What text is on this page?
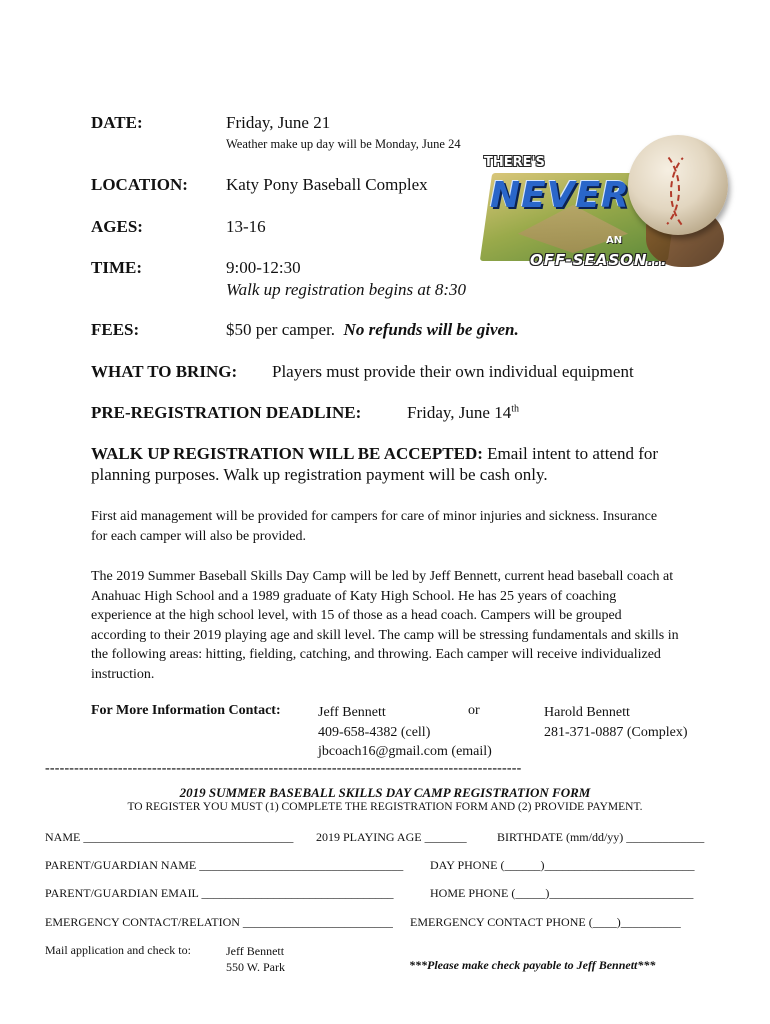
DATE:	Friday, June 21
Weather make up day will be Monday, June 24
LOCATION: Katy Pony Baseball Complex
AGES:	13-16
TIME:	9:00-12:30
Walk up registration begins at 8:30
FEES:	$50 per camper. No refunds will be given.
WHAT TO BRING: Players must provide their own individual equipment
PRE-REGISTRATION DEADLINE:	Friday, June 14th
THERE'S
NEVER
AN
OFF-SEASON...
WALK UP REGISTRATION WILL BE ACCEPTED: Email intent to attend for
planning purposes. Walk up registration payment will be cash only.
First aid management will be provided for campers for care of minor injuries and sickness. Insurance
for each camper will also be provided.
The 2019 Summer Baseball Skills Day Camp will be led by Jeff Bennett, current head baseball coach at
Anahuac High School and a 1989 graduate of Katy High School. He has 25 years of coaching
experience at the high school level, with 15 of those as a head coach. Campers will be grouped
according to their 2019 playing age and skill level. The camp will be stressing fundamentals and skills in
the following areas: hitting, fielding, catching, and throwing. Each camper will receive individualized
instruction.
For More Information Contact:	Jeff Bennett
409-658-4382 (cell)
jbcoach16@gmail.com (email)
or	Harold Bennett
281-371-0887 (Complex)
--------------------------------------------------------------------------------------------------
2019 SUMMER BASEBALL SKILLS DAY CAMP REGISTRATION FORM
TO REGISTER YOU MUST (1) COMPLETE THE REGISTRATION FORM AND (2) PROVIDE PAYMENT.
NAME ___________________________________ 2019 PLAYING AGE _______	BIRTHDATE (mm/dd/yy) _____________
PARENT/GUARDIAN NAME __________________________________ DAY PHONE (______)_________________________
PARENT/GUARDIAN EMAIL ________________________________	HOME PHONE (_____)________________________
EMERGENCY CONTACT/RELATION _________________________ EMERGENCY CONTACT PHONE (____)__________
Mail application and check to:	Jeff Bennett
550 W. Park	***Please make check payable to Jeff Bennett***
